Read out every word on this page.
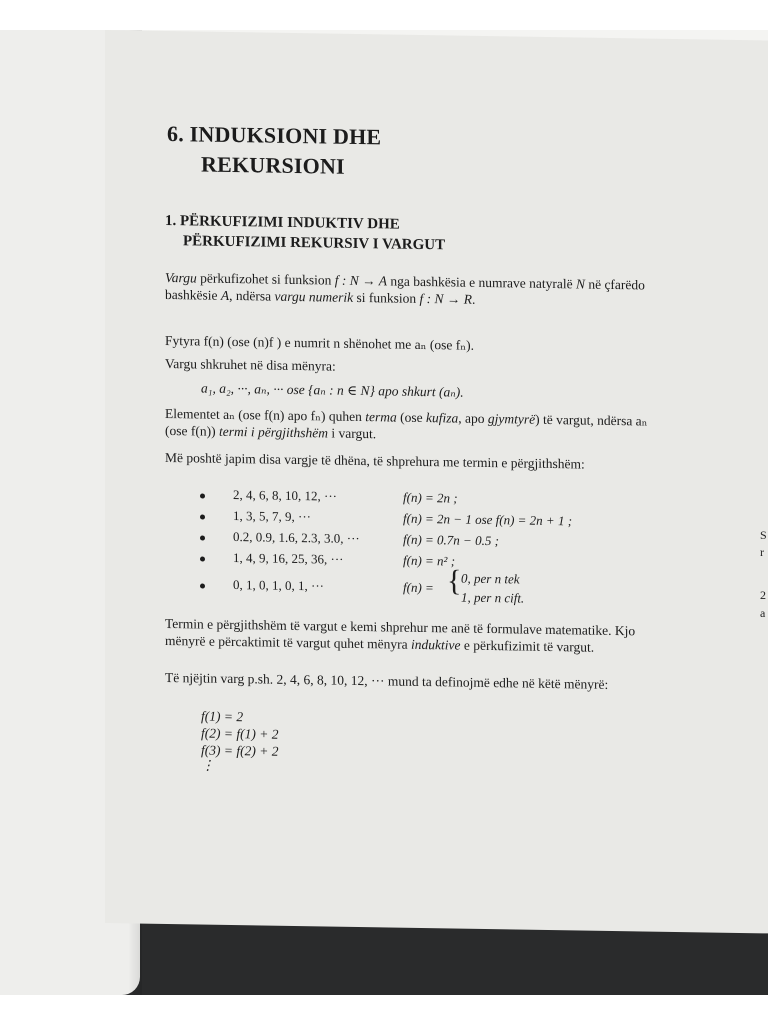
6. INDUKSIONI DHE
REKURSIONI
1. PËRKUFIZIMI INDUKTIV DHE
PËRKUFIZIMI REKURSIV I VARGUT
Vargu përkufizohet si funksion f : N → A nga bashkësia e numrave natyralë N në çfarëdo bashkësie A, ndërsa vargu numerik si funksion f : N → R.
Fytyra f(n) (ose (n)f ) e numrit n shënohet me aₙ (ose fₙ).
Vargu shkruhet në disa mënyra:
a₁, a₂, ···, aₙ, ··· ose {aₙ : n ∈ N} apo shkurt (aₙ).
Elementet aₙ (ose f(n) apo fₙ) quhen terma (ose kufiza, apo gjymtyrë) të vargut, ndërsa aₙ (ose f(n)) termi i përgjithshëm i vargut.
Më poshtë japim disa vargje të dhëna, të shprehura me termin e përgjithshëm:
2, 4, 6, 8, 10, 12, ···	f(n) = 2n ;
1, 3, 5, 7, 9, ···	f(n) = 2n − 1 ose f(n) = 2n + 1 ;
0.2, 0.9, 1.6, 2.3, 3.0, ···	f(n) = 0.7n − 0.5 ;
1, 4, 9, 16, 25, 36, ···	f(n) = n² ;
0, 1, 0, 1, 0, 1, ···	f(n) = { 0, per n tek
1, per n cift.
Termin e përgjithshëm të vargut e kemi shprehur me anë të formulave matematike. Kjo mënyrë e përcaktimit të vargut quhet mënyra induktive e përkufizimit të vargut.
Të njëjtin varg p.sh. 2, 4, 6, 8, 10, 12, ··· mund ta definojmë edhe në këtë mënyrë:
f(1) = 2
f(2) = f(1) + 2
f(3) = f(2) + 2
⋮
S
r
2
a
